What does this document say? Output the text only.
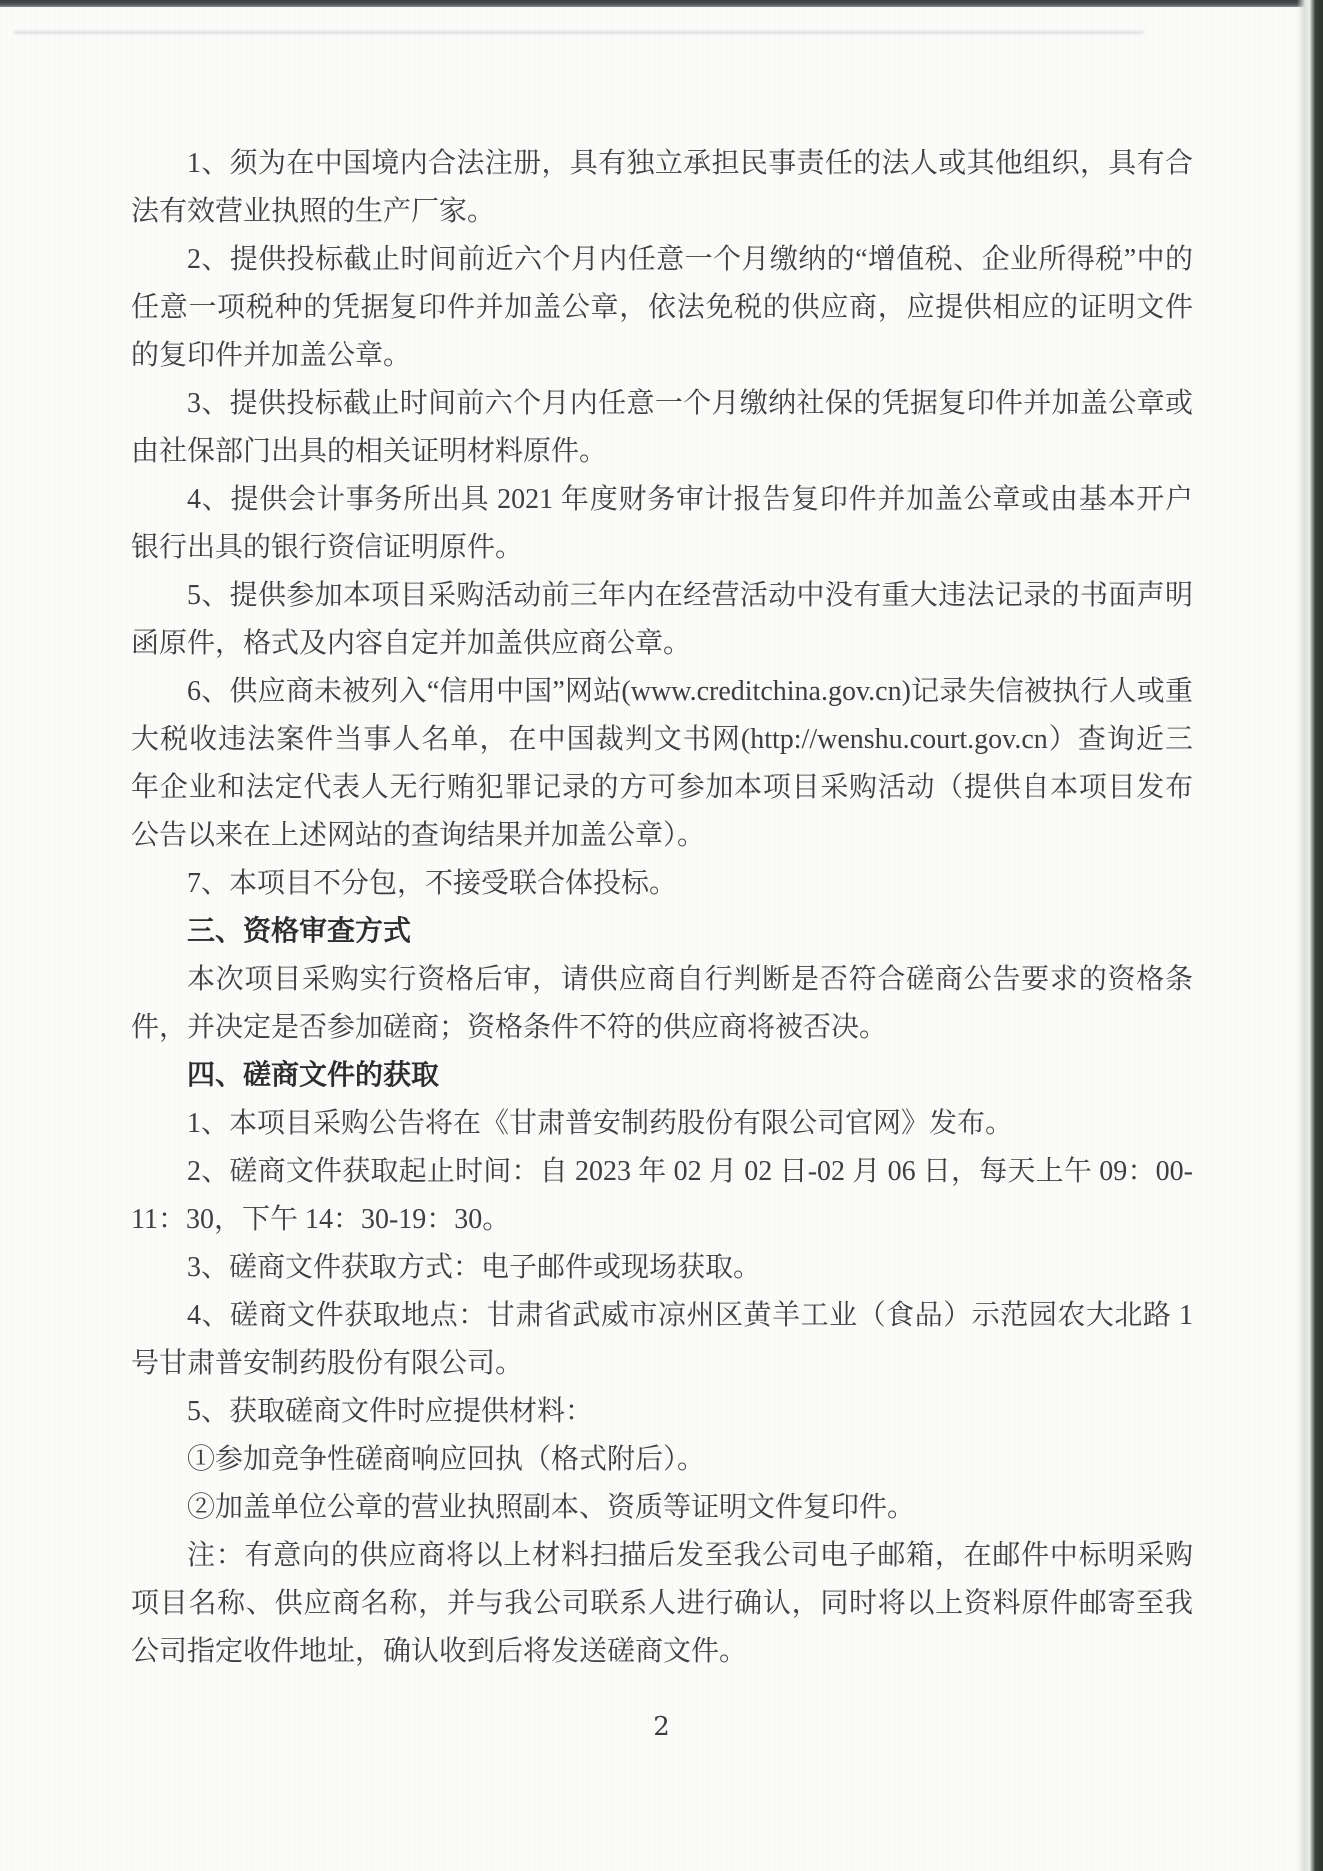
1、须为在中国境内合法注册，具有独立承担民事责任的法人或其他组织，具有合法有效营业执照的生产厂家。

2、提供投标截止时间前近六个月内任意一个月缴纳的“增值税、企业所得税”中的任意一项税种的凭据复印件并加盖公章，依法免税的供应商，应提供相应的证明文件的复印件并加盖公章。

3、提供投标截止时间前六个月内任意一个月缴纳社保的凭据复印件并加盖公章或由社保部门出具的相关证明材料原件。

4、提供会计事务所出具 2021 年度财务审计报告复印件并加盖公章或由基本开户银行出具的银行资信证明原件。

5、提供参加本项目采购活动前三年内在经营活动中没有重大违法记录的书面声明函原件，格式及内容自定并加盖供应商公章。

6、供应商未被列入“信用中国”网站(www.creditchina.gov.cn)记录失信被执行人或重大税收违法案件当事人名单，在中国裁判文书网(http://wenshu.court.gov.cn）查询近三年企业和法定代表人无行贿犯罪记录的方可参加本项目采购活动（提供自本项目发布公告以来在上述网站的查询结果并加盖公章）。

7、本项目不分包，不接受联合体投标。

三、资格审查方式

本次项目采购实行资格后审，请供应商自行判断是否符合磋商公告要求的资格条件，并决定是否参加磋商；资格条件不符的供应商将被否决。

四、磋商文件的获取

1、本项目采购公告将在《甘肃普安制药股份有限公司官网》发布。

2、磋商文件获取起止时间：自 2023 年 02 月 02 日-02 月 06 日，每天上午 09：00-11：30，下午 14：30-19：30。

3、磋商文件获取方式：电子邮件或现场获取。

4、磋商文件获取地点：甘肃省武威市凉州区黄羊工业（食品）示范园农大北路 1 号甘肃普安制药股份有限公司。

5、获取磋商文件时应提供材料：

①参加竞争性磋商响应回执（格式附后）。

②加盖单位公章的营业执照副本、资质等证明文件复印件。

注：有意向的供应商将以上材料扫描后发至我公司电子邮箱，在邮件中标明采购项目名称、供应商名称，并与我公司联系人进行确认，同时将以上资料原件邮寄至我公司指定收件地址，确认收到后将发送磋商文件。

2
